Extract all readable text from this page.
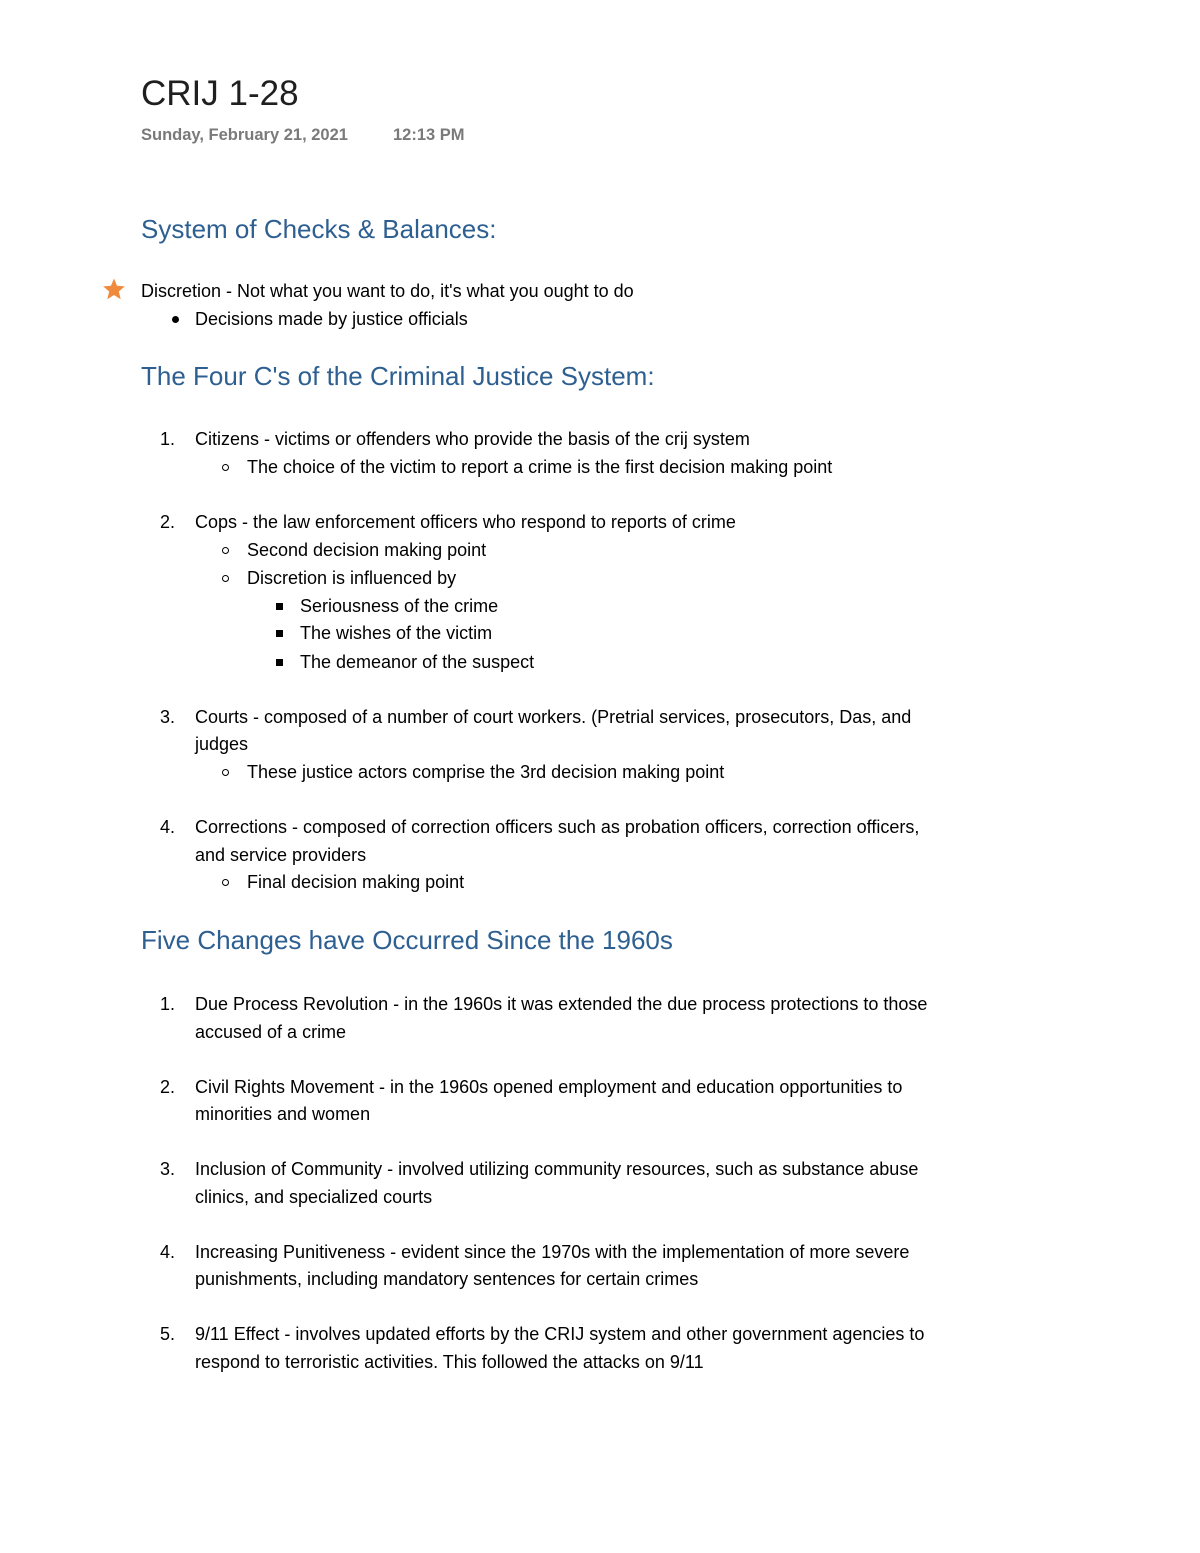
CRIJ 1-28
Sunday, February 21, 2021	12:13 PM
System of Checks & Balances:
Discretion - Not what you want to do, it's what you ought to do
Decisions made by justice officials
The Four C's of the Criminal Justice System:
1. Citizens - victims or offenders who provide the basis of the crij system
The choice of the victim to report a crime is the first decision making point
2. Cops - the law enforcement officers who respond to reports of crime
Second decision making point
Discretion is influenced by
Seriousness of the crime
The wishes of the victim
The demeanor of the suspect
3. Courts - composed of a number of court workers. (Pretrial services, prosecutors, Das, and
judges
These justice actors comprise the 3rd decision making point
4. Corrections - composed of correction officers such as probation officers, correction officers,
and service providers
Final decision making point
Five Changes have Occurred Since the 1960s
1. Due Process Revolution - in the 1960s it was extended the due process protections to those
accused of a crime
2. Civil Rights Movement - in the 1960s opened employment and education opportunities to
minorities and women
3. Inclusion of Community - involved utilizing community resources, such as substance abuse
clinics, and specialized courts
4. Increasing Punitiveness - evident since the 1970s with the implementation of more severe
punishments, including mandatory sentences for certain crimes
5. 9/11 Effect - involves updated efforts by the CRIJ system and other government agencies to
respond to terroristic activities. This followed the attacks on 9/11
